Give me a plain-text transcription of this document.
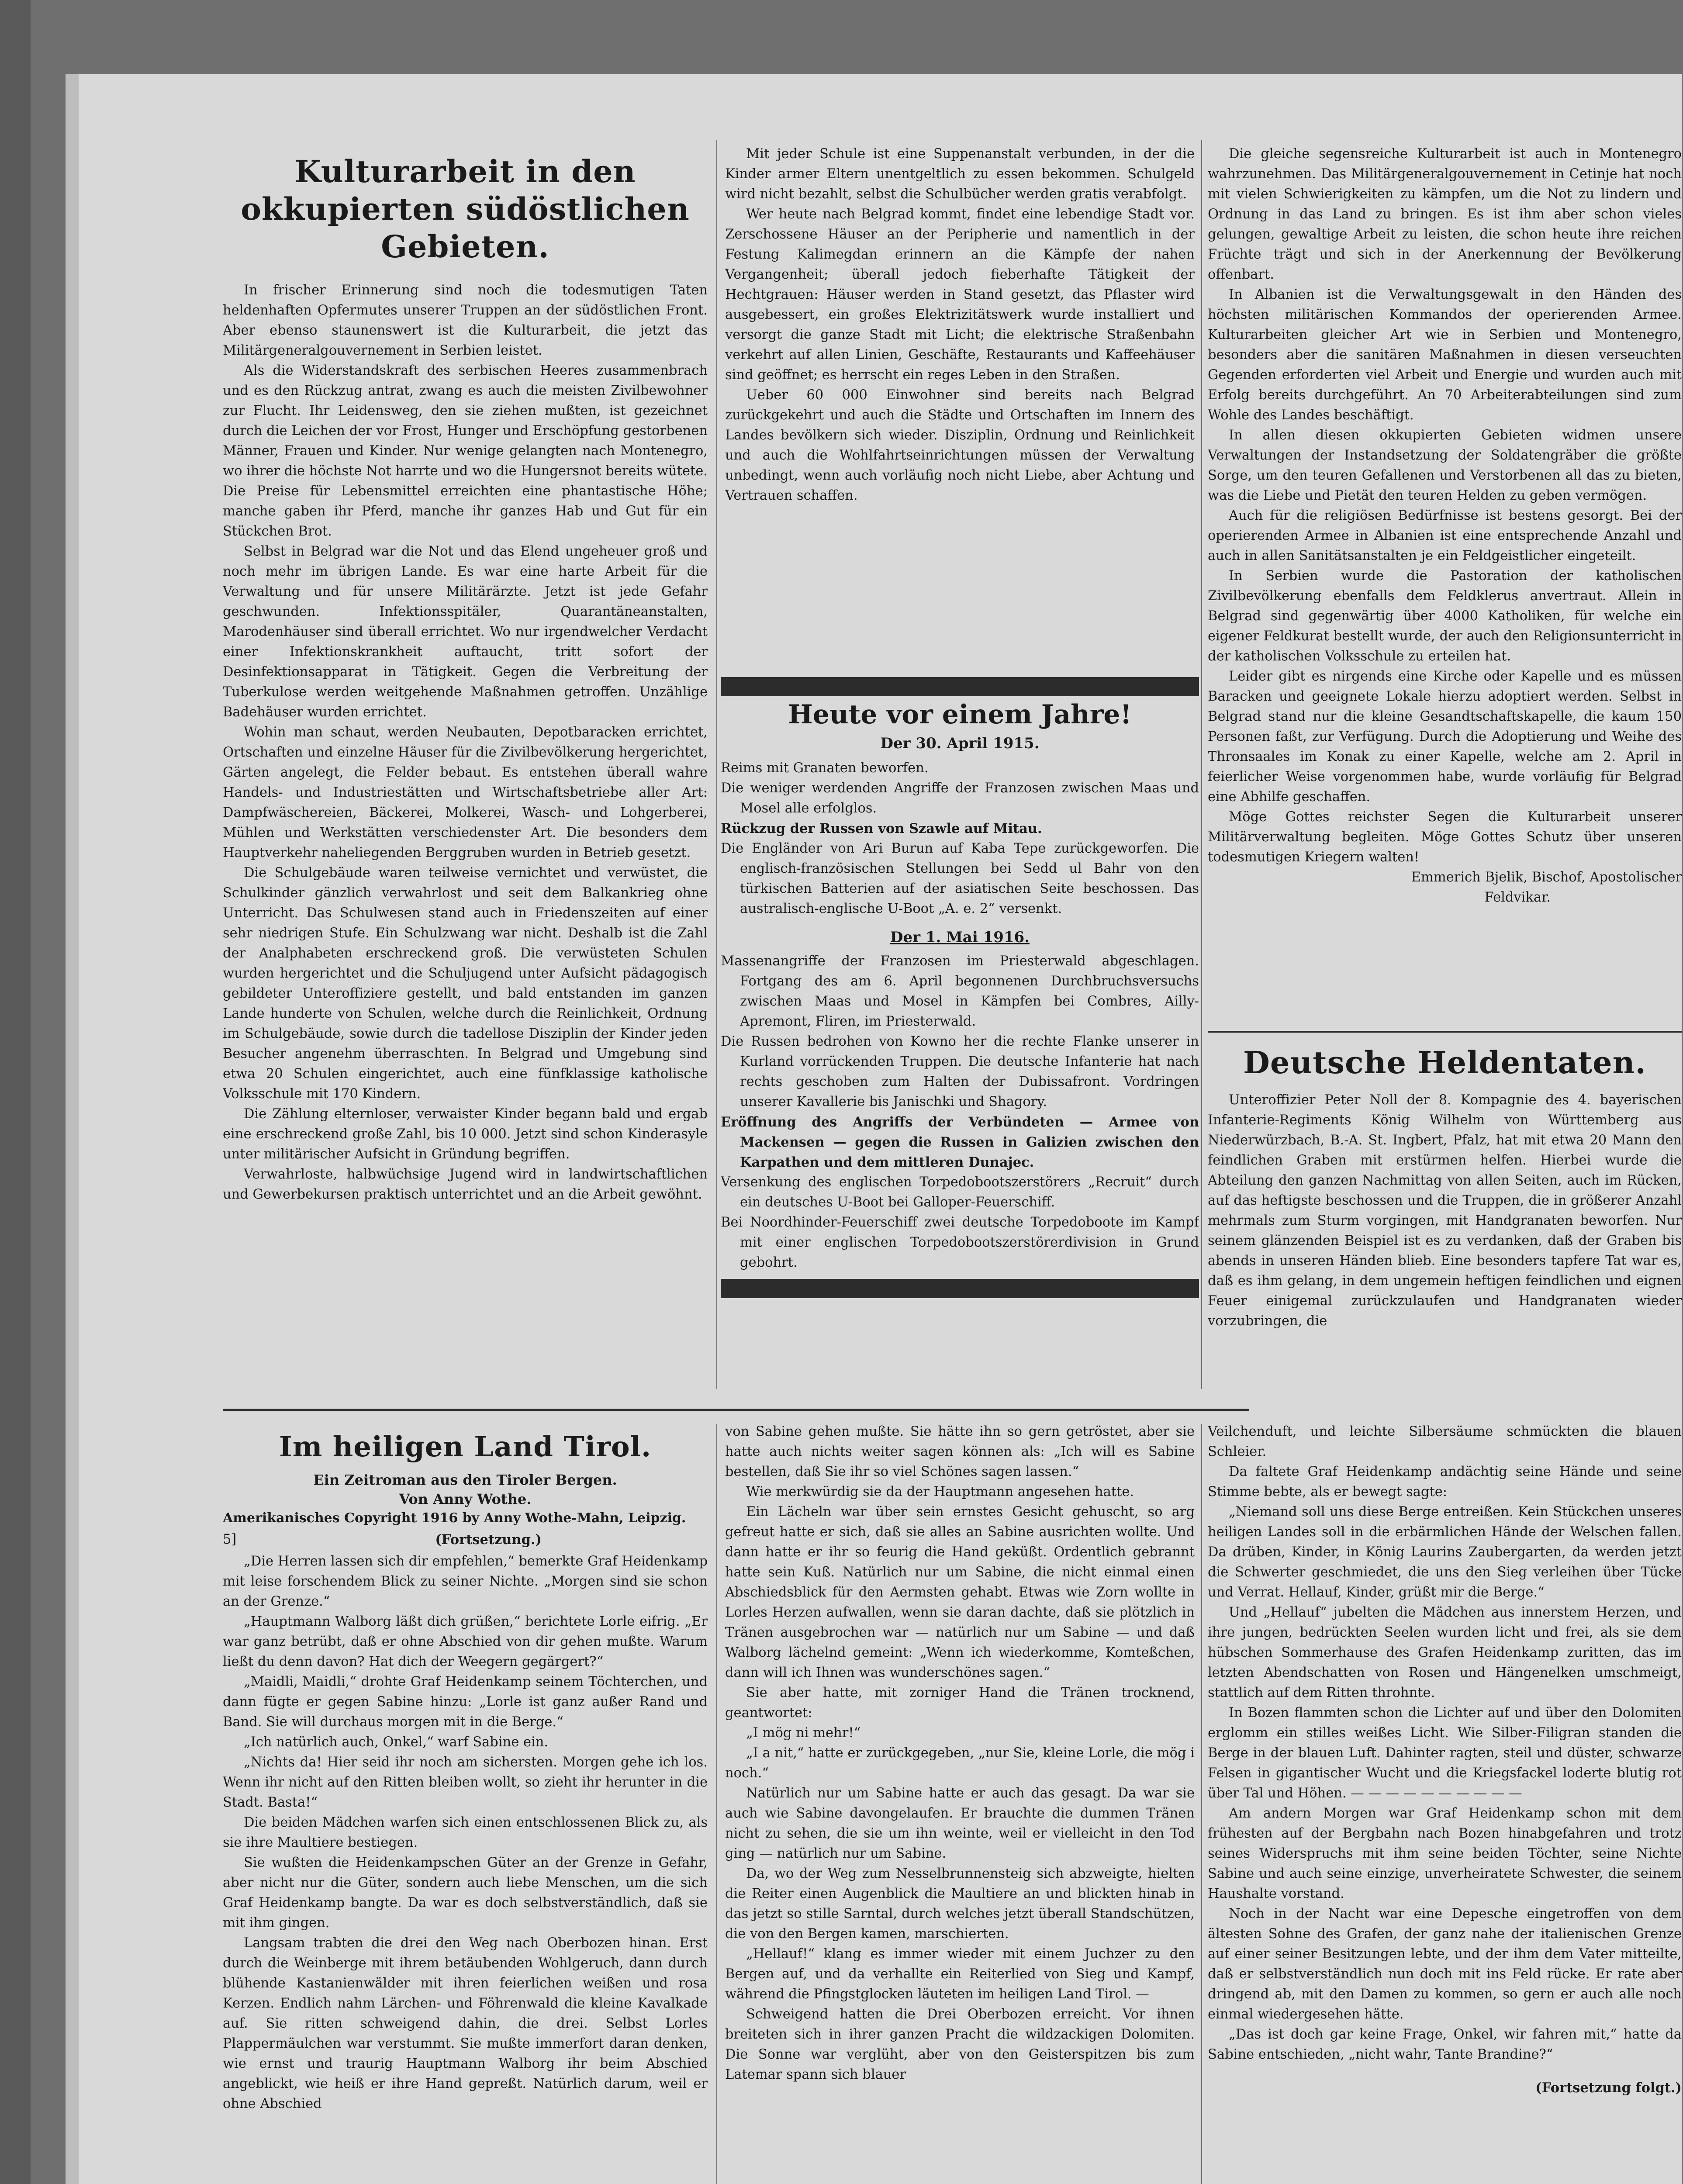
Kulturarbeit in den okkupierten südöstlichen Gebieten.

In frischer Erinnerung sind noch die todesmutigen Taten heldenhaften Opfermutes unserer Truppen an der südöstlichen Front. Aber ebenso staunenswert ist die Kulturarbeit, die jetzt das Militärgeneralgouvernement in Serbien leistet.

Als die Widerstandskraft des serbischen Heeres zusammenbrach und es den Rückzug antrat, zwang es auch die meisten Zivilbewohner zur Flucht. Ihr Leidensweg, den sie ziehen mußten, ist gezeichnet durch die Leichen der vor Frost, Hunger und Erschöpfung gestorbenen Männer, Frauen und Kinder. Nur wenige gelangten nach Montenegro, wo ihrer die höchste Not harrte und wo die Hungersnot bereits wütete. Die Preise für Lebensmittel erreichten eine phantastische Höhe; manche gaben ihr Pferd, manche ihr ganzes Hab und Gut für ein Stückchen Brot.

Selbst in Belgrad war die Not und das Elend ungeheuer groß und noch mehr im übrigen Lande. Es war eine harte Arbeit für die Verwaltung und für unsere Militärärzte. Jetzt ist jede Gefahr geschwunden. Infektionsspitäler, Quarantäneanstalten, Marodenhäuser sind überall errichtet. Wo nur irgendwelcher Verdacht einer Infektionskrankheit auftaucht, tritt sofort der Desinfektionsapparat in Tätigkeit. Gegen die Verbreitung der Tuberkulose werden weitgehende Maßnahmen getroffen. Unzählige Badehäuser wurden errichtet.

Wohin man schaut, werden Neubauten, Depotbaracken errichtet, Ortschaften und einzelne Häuser für die Zivilbevölkerung hergerichtet, Gärten angelegt, die Felder bebaut. Es entstehen überall wahre Handels- und Industriestätten und Wirtschaftsbetriebe aller Art: Dampfwäschereien, Bäckerei, Molkerei, Wasch- und Lohgerberei, Mühlen und Werkstätten verschiedenster Art. Die besonders dem Hauptverkehr naheliegenden Berggruben wurden in Betrieb gesetzt.

Die Schulgebäude waren teilweise vernichtet und verwüstet, die Schulkinder gänzlich verwahrlost und seit dem Balkankrieg ohne Unterricht. Das Schulwesen stand auch in Friedenszeiten auf einer sehr niedrigen Stufe. Ein Schulzwang war nicht. Deshalb ist die Zahl der Analphabeten erschreckend groß. Die verwüsteten Schulen wurden hergerichtet und die Schuljugend unter Aufsicht pädagogisch gebildeter Unteroffiziere gestellt, und bald entstanden im ganzen Lande hunderte von Schulen, welche durch die Reinlichkeit, Ordnung im Schulgebäude, sowie durch die tadellose Disziplin der Kinder jeden Besucher angenehm überraschten. In Belgrad und Umgebung sind etwa 20 Schulen eingerichtet, auch eine fünfklassige katholische Volksschule mit 170 Kindern.

Die Zählung elternloser, verwaister Kinder begann bald und ergab eine erschreckend große Zahl, bis 10 000. Jetzt sind schon Kinderasyle unter militärischer Aufsicht in Gründung begriffen.

Verwahrloste, halbwüchsige Jugend wird in landwirtschaftlichen und Gewerbekursen praktisch unterrichtet und an die Arbeit gewöhnt.

Mit jeder Schule ist eine Suppenanstalt verbunden, in der die Kinder armer Eltern unentgeltlich zu essen bekommen. Schulgeld wird nicht bezahlt, selbst die Schulbücher werden gratis verabfolgt.

Wer heute nach Belgrad kommt, findet eine lebendige Stadt vor. Zerschossene Häuser an der Peripherie und namentlich in der Festung Kalimegdan erinnern an die Kämpfe der nahen Vergangenheit; überall jedoch fieberhafte Tätigkeit der Hechtgrauen: Häuser werden in Stand gesetzt, das Pflaster wird ausgebessert, ein großes Elektrizitätswerk wurde installiert und versorgt die ganze Stadt mit Licht; die elektrische Straßenbahn verkehrt auf allen Linien, Geschäfte, Restaurants und Kaffeehäuser sind geöffnet; es herrscht ein reges Leben in den Straßen.

Ueber 60 000 Einwohner sind bereits nach Belgrad zurückgekehrt und auch die Städte und Ortschaften im Innern des Landes bevölkern sich wieder. Disziplin, Ordnung und Reinlichkeit und auch die Wohlfahrtseinrichtungen müssen der Verwaltung unbedingt, wenn auch vorläufig noch nicht Liebe, aber Achtung und Vertrauen schaffen.

Heute vor einem Jahre!
Der 30. April 1915.

Reims mit Granaten beworfen.

Die weniger werdenden Angriffe der Franzosen zwischen Maas und Mosel alle erfolglos.

Rückzug der Russen von Szawle auf Mitau.

Die Engländer von Ari Burun auf Kaba Tepe zurückgeworfen. Die englisch-französischen Stellungen bei Sedd ul Bahr von den türkischen Batterien auf der asiatischen Seite beschossen. Das australisch-englische U-Boot „A. e. 2“ versenkt.

Der 1. Mai 1916.

Massenangriffe der Franzosen im Priesterwald abgeschlagen. Fortgang des am 6. April begonnenen Durchbruchsversuchs zwischen Maas und Mosel in Kämpfen bei Combres, Ailly-Apremont, Fliren, im Priesterwald.

Die Russen bedrohen von Kowno her die rechte Flanke unserer in Kurland vorrückenden Truppen. Die deutsche Infanterie hat nach rechts geschoben zum Halten der Dubissafront. Vordringen unserer Kavallerie bis Janischki und Shagory.

Eröffnung des Angriffs der Verbündeten — Armee von Mackensen — gegen die Russen in Galizien zwischen den Karpathen und dem mittleren Dunajec.

Versenkung des englischen Torpedobootszerstörers „Recruit“ durch ein deutsches U-Boot bei Galloper-Feuerschiff.

Bei Noordhinder-Feuerschiff zwei deutsche Torpedoboote im Kampf mit einer englischen Torpedobootszerstörerdivision in Grund gebohrt.

Die gleiche segensreiche Kulturarbeit ist auch in Montenegro wahrzunehmen. Das Militärgeneralgouvernement in Cetinje hat noch mit vielen Schwierigkeiten zu kämpfen, um die Not zu lindern und Ordnung in das Land zu bringen. Es ist ihm aber schon vieles gelungen, gewaltige Arbeit zu leisten, die schon heute ihre reichen Früchte trägt und sich in der Anerkennung der Bevölkerung offenbart.

In Albanien ist die Verwaltungsgewalt in den Händen des höchsten militärischen Kommandos der operierenden Armee. Kulturarbeiten gleicher Art wie in Serbien und Montenegro, besonders aber die sanitären Maßnahmen in diesen verseuchten Gegenden erforderten viel Arbeit und Energie und wurden auch mit Erfolg bereits durchgeführt. An 70 Arbeiterabteilungen sind zum Wohle des Landes beschäftigt.

In allen diesen okkupierten Gebieten widmen unsere Verwaltungen der Instandsetzung der Soldatengräber die größte Sorge, um den teuren Gefallenen und Verstorbenen all das zu bieten, was die Liebe und Pietät den teuren Helden zu geben vermögen.

Auch für die religiösen Bedürfnisse ist bestens gesorgt. Bei der operierenden Armee in Albanien ist eine entsprechende Anzahl und auch in allen Sanitätsanstalten je ein Feldgeistlicher eingeteilt.

In Serbien wurde die Pastoration der katholischen Zivilbevölkerung ebenfalls dem Feldklerus anvertraut. Allein in Belgrad sind gegenwärtig über 4000 Katholiken, für welche ein eigener Feldkurat bestellt wurde, der auch den Religionsunterricht in der katholischen Volksschule zu erteilen hat.

Leider gibt es nirgends eine Kirche oder Kapelle und es müssen Baracken und geeignete Lokale hierzu adoptiert werden. Selbst in Belgrad stand nur die kleine Gesandtschaftskapelle, die kaum 150 Personen faßt, zur Verfügung. Durch die Adoptierung und Weihe des Thronsaales im Konak zu einer Kapelle, welche am 2. April in feierlicher Weise vorgenommen habe, wurde vorläufig für Belgrad eine Abhilfe geschaffen.

Möge Gottes reichster Segen die Kulturarbeit unserer Militärverwaltung begleiten. Möge Gottes Schutz über unseren todesmutigen Kriegern walten!

Emmerich Bjelik, Bischof, Apostolischer

Feldvikar.

Deutsche Heldentaten.

Unteroffizier Peter Noll der 8. Kompagnie des 4. bayerischen Infanterie-Regiments König Wilhelm von Württemberg aus Niederwürzbach, B.-A. St. Ingbert, Pfalz, hat mit etwa 20 Mann den feindlichen Graben mit erstürmen helfen. Hierbei wurde die Abteilung den ganzen Nachmittag von allen Seiten, auch im Rücken, auf das heftigste beschossen und die Truppen, die in größerer Anzahl mehrmals zum Sturm vorgingen, mit Handgranaten beworfen. Nur seinem glänzenden Beispiel ist es zu verdanken, daß der Graben bis abends in unseren Händen blieb. Eine besonders tapfere Tat war es, daß es ihm gelang, in dem ungemein heftigen feindlichen und eignen Feuer einigemal zurückzulaufen und Handgranaten wieder vorzubringen, die

Im heiligen Land Tirol.
Ein Zeitroman aus den Tiroler Bergen.
Von Anny Wothe.
Amerikanisches Copyright 1916 by Anny Wothe-Mahn, Leipzig.
5]	(Fortsetzung.)

„Die Herren lassen sich dir empfehlen,“ bemerkte Graf Heidenkamp mit leise forschendem Blick zu seiner Nichte. „Morgen sind sie schon an der Grenze.“

„Hauptmann Walborg läßt dich grüßen,“ berichtete Lorle eifrig. „Er war ganz betrübt, daß er ohne Abschied von dir gehen mußte. Warum ließt du denn davon? Hat dich der Weegern gegärgert?“

„Maidli, Maidli,“ drohte Graf Heidenkamp seinem Töchterchen, und dann fügte er gegen Sabine hinzu: „Lorle ist ganz außer Rand und Band. Sie will durchaus morgen mit in die Berge.“

„Ich natürlich auch, Onkel,“ warf Sabine ein.

„Nichts da! Hier seid ihr noch am sichersten. Morgen gehe ich los. Wenn ihr nicht auf den Ritten bleiben wollt, so zieht ihr herunter in die Stadt. Basta!“

Die beiden Mädchen warfen sich einen entschlossenen Blick zu, als sie ihre Maultiere bestiegen.

Sie wußten die Heidenkampschen Güter an der Grenze in Gefahr, aber nicht nur die Güter, sondern auch liebe Menschen, um die sich Graf Heidenkamp bangte. Da war es doch selbstverständlich, daß sie mit ihm gingen.

Langsam trabten die drei den Weg nach Oberbozen hinan. Erst durch die Weinberge mit ihrem betäubenden Wohlgeruch, dann durch blühende Kastanienwälder mit ihren feierlichen weißen und rosa Kerzen. Endlich nahm Lärchen- und Föhrenwald die kleine Kavalkade auf. Sie ritten schweigend dahin, die drei. Selbst Lorles Plappermäulchen war verstummt. Sie mußte immerfort daran denken, wie ernst und traurig Hauptmann Walborg ihr beim Abschied angeblickt, wie heiß er ihre Hand gepreßt. Natürlich darum, weil er ohne Abschied

von Sabine gehen mußte. Sie hätte ihn so gern getröstet, aber sie hatte auch nichts weiter sagen können als: „Ich will es Sabine bestellen, daß Sie ihr so viel Schönes sagen lassen.“

Wie merkwürdig sie da der Hauptmann angesehen hatte.

Ein Lächeln war über sein ernstes Gesicht gehuscht, so arg gefreut hatte er sich, daß sie alles an Sabine ausrichten wollte. Und dann hatte er ihr so feurig die Hand geküßt. Ordentlich gebrannt hatte sein Kuß. Natürlich nur um Sabine, die nicht einmal einen Abschiedsblick für den Aermsten gehabt. Etwas wie Zorn wollte in Lorles Herzen aufwallen, wenn sie daran dachte, daß sie plötzlich in Tränen ausgebrochen war — natürlich nur um Sabine — und daß Walborg lächelnd gemeint: „Wenn ich wiederkomme, Komteßchen, dann will ich Ihnen was wunderschönes sagen.“

Sie aber hatte, mit zorniger Hand die Tränen trocknend, geantwortet:

„I mög ni mehr!“

„I a nit,“ hatte er zurückgegeben, „nur Sie, kleine Lorle, die mög i noch.“

Natürlich nur um Sabine hatte er auch das gesagt. Da war sie auch wie Sabine davongelaufen. Er brauchte die dummen Tränen nicht zu sehen, die sie um ihn weinte, weil er vielleicht in den Tod ging — natürlich nur um Sabine.

Da, wo der Weg zum Nesselbrunnensteig sich abzweigte, hielten die Reiter einen Augenblick die Maultiere an und blickten hinab in das jetzt so stille Sarntal, durch welches jetzt überall Standschützen, die von den Bergen kamen, marschierten.

„Hellauf!“ klang es immer wieder mit einem Juchzer zu den Bergen auf, und da verhallte ein Reiterlied von Sieg und Kampf, während die Pfingstglocken läuteten im heiligen Land Tirol. —

Schweigend hatten die Drei Oberbozen erreicht. Vor ihnen breiteten sich in ihrer ganzen Pracht die wildzackigen Dolomiten. Die Sonne war verglüht, aber von den Geisterspitzen bis zum Latemar spann sich blauer

Veilchenduft, und leichte Silbersäume schmückten die blauen Schleier.

Da faltete Graf Heidenkamp andächtig seine Hände und seine Stimme bebte, als er bewegt sagte:

„Niemand soll uns diese Berge entreißen. Kein Stückchen unseres heiligen Landes soll in die erbärmlichen Hände der Welschen fallen. Da drüben, Kinder, in König Laurins Zaubergarten, da werden jetzt die Schwerter geschmiedet, die uns den Sieg verleihen über Tücke und Verrat. Hellauf, Kinder, grüßt mir die Berge.“

Und „Hellauf“ jubelten die Mädchen aus innerstem Herzen, und ihre jungen, bedrückten Seelen wurden licht und frei, als sie dem hübschen Sommerhause des Grafen Heidenkamp zuritten, das im letzten Abendschatten von Rosen und Hängenelken umschmeigt, stattlich auf dem Ritten throhnte.

In Bozen flammten schon die Lichter auf und über den Dolomiten erglomm ein stilles weißes Licht. Wie Silber-Filigran standen die Berge in der blauen Luft. Dahinter ragten, steil und düster, schwarze Felsen in gigantischer Wucht und die Kriegsfackel loderte blutig rot über Tal und Höhen. — — — — — — — — — —

Am andern Morgen war Graf Heidenkamp schon mit dem frühesten auf der Bergbahn nach Bozen hinabgefahren und trotz seines Widerspruchs mit ihm seine beiden Töchter, seine Nichte Sabine und auch seine einzige, unverheiratete Schwester, die seinem Haushalte vorstand.

Noch in der Nacht war eine Depesche eingetroffen von dem ältesten Sohne des Grafen, der ganz nahe der italienischen Grenze auf einer seiner Besitzungen lebte, und der ihm dem Vater mitteilte, daß er selbstverständlich nun doch mit ins Feld rücke. Er rate aber dringend ab, mit den Damen zu kommen, so gern er auch alle noch einmal wiedergesehen hätte.

„Das ist doch gar keine Frage, Onkel, wir fahren mit,“ hatte da Sabine entschieden, „nicht wahr, Tante Brandine?“

(Fortsetzung folgt.)
